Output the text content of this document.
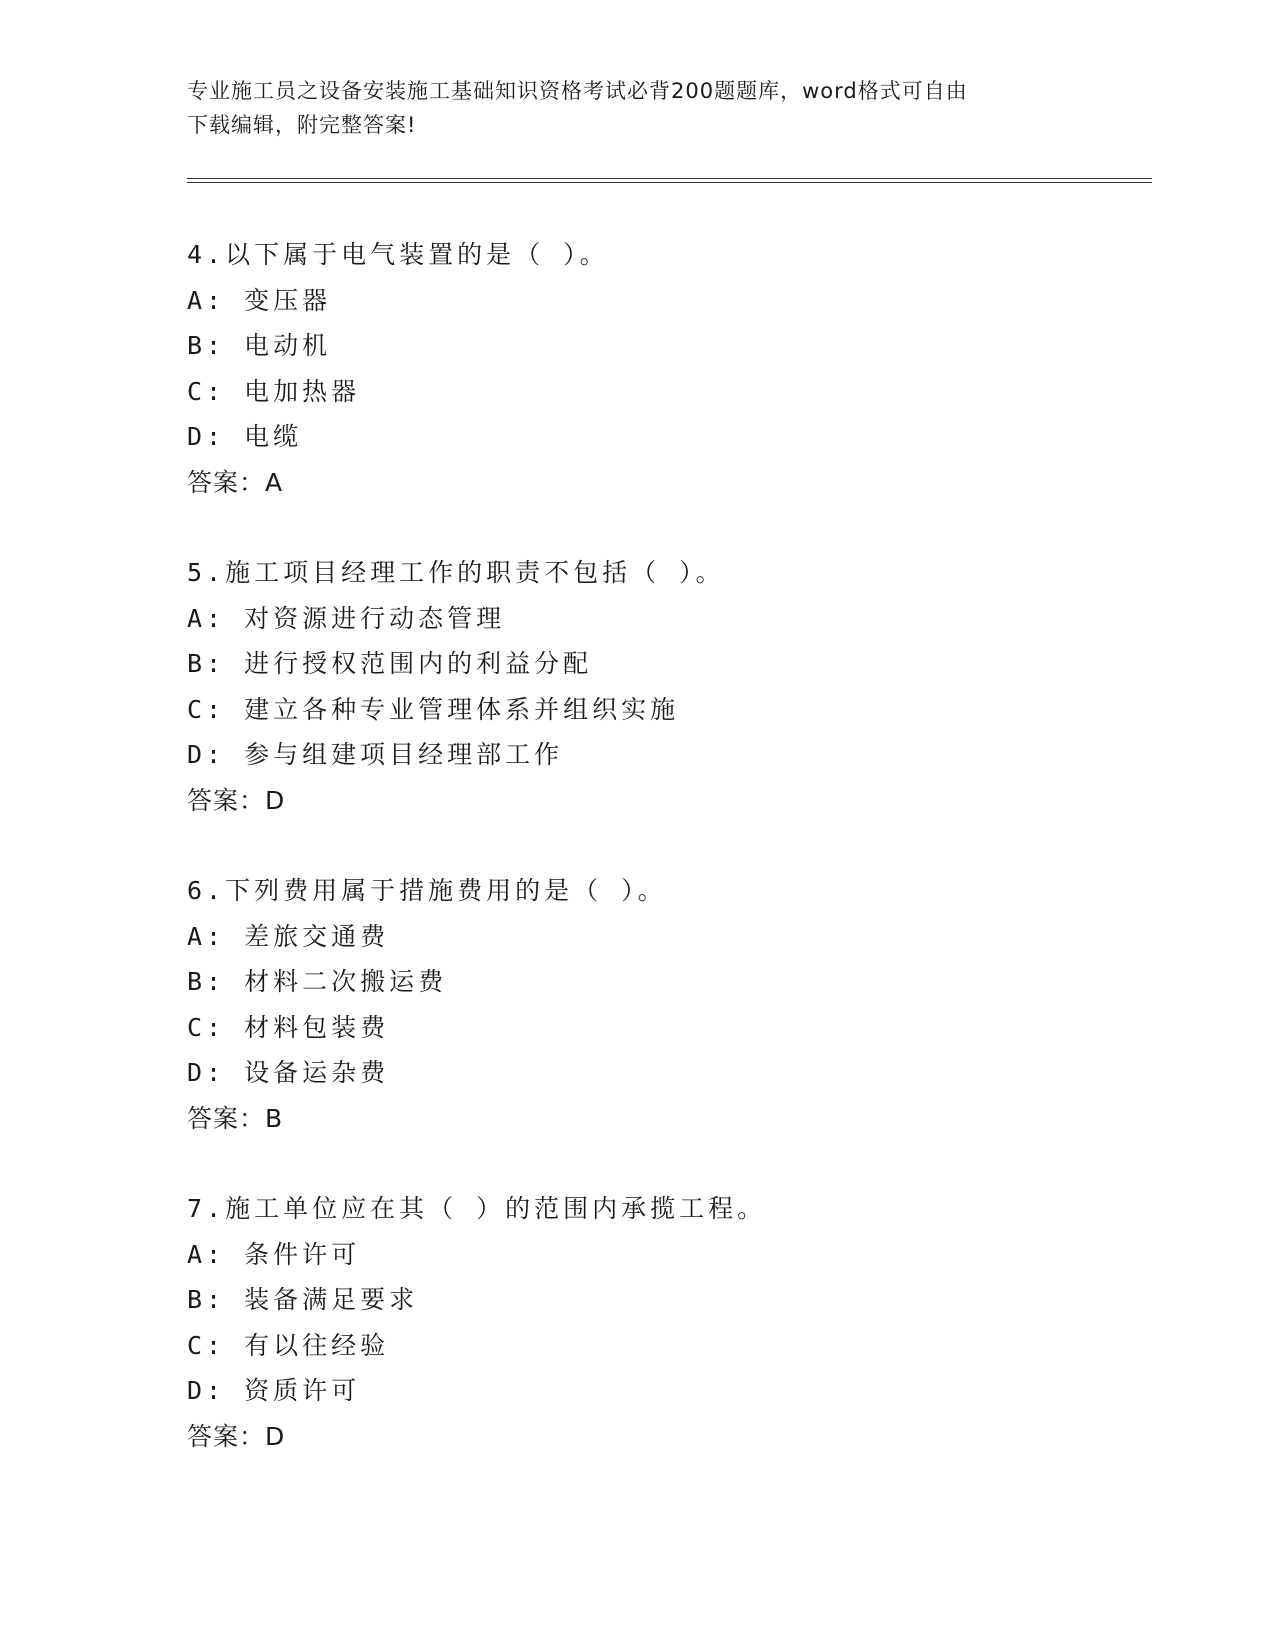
专业施工员之设备安装施工基础知识资格考试必背200题题库，word格式可自由
下载编辑，附完整答案!
4.以下属于电气装置的是（ ）。
A: 变压器
B: 电动机
C: 电加热器
D: 电缆
答案：A
5.施工项目经理工作的职责不包括（ ）。
A: 对资源进行动态管理
B: 进行授权范围内的利益分配
C: 建立各种专业管理体系并组织实施
D: 参与组建项目经理部工作
答案：D
6.下列费用属于措施费用的是（ ）。
A: 差旅交通费
B: 材料二次搬运费
C: 材料包装费
D: 设备运杂费
答案：B
7.施工单位应在其（ ）的范围内承揽工程。
A: 条件许可
B: 装备满足要求
C: 有以往经验
D: 资质许可
答案：D
